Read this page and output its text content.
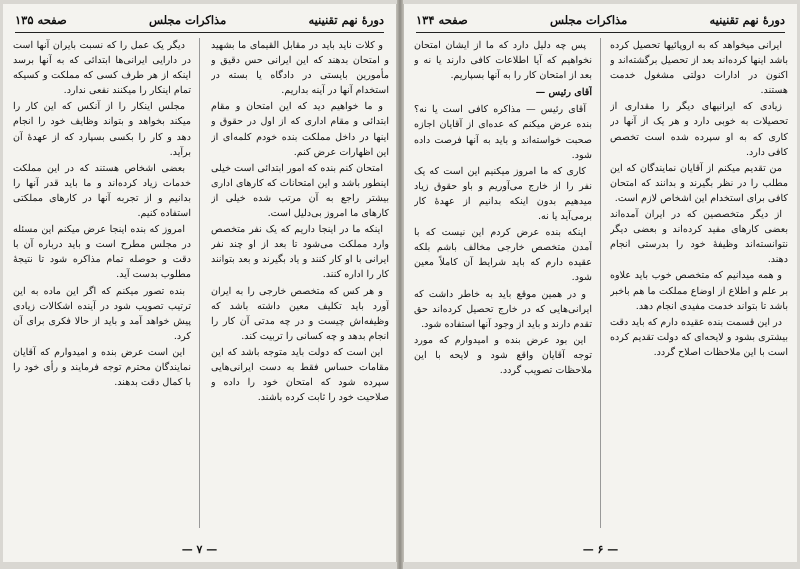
دورهٔ نهم تقنینیه
مذاکرات مجلس
صفحه ۱۳۵

و کلات ناید باید در مقابل القیمای ما بشهید و امتحان بدهند که این ایرانی حس دقیق و مأمورین بایستی در دادگاه یا بسته در استخدام آنها در آینه بداریم.

و ما خواهیم دید که این امتحان و مقام ابتدائی و مقام اداری که از اول در حقوق و اینها در داخل مملکت بنده خودم کلمه‌ای از این اظهارات عرض کنم.

امتحان کنم بنده که امور ابتدائی است خیلی اینطور باشد و این امتحانات که کارهای اداری بیشتر راجع به آن مرتب شده خیلی از کارهای ما امروز بی‌دلیل است.

اینکه ما در اینجا داریم که یک نفر متخصص وارد مملکت می‌شود تا بعد از او چند نفر ایرانی با او کار کنند و یاد بگیرند و بعد بتوانند کار را اداره کنند.

و هر کس که متخصص خارجی را به ایران آورد باید تکلیف معین داشته باشد که وظیفه‌اش چیست و در چه مدتی آن کار را انجام بدهد و چه کسانی را تربیت کند.

این است که دولت باید متوجه باشد که این مقامات حساس فقط به دست ایرانی‌هایی سپرده شود که امتحان خود را داده و صلاحیت خود را ثابت کرده باشند.

دیگر یک عمل را که نسبت بایران آنها است در دارایی ایرانی‌ها ابتدائی که به آنها برسد اینکه از هر طرف کسی که مملکت و کسیکه تمام اینکار را میکنند نفعی ندارد.

مجلس اینکار را از آنکس که این کار را میکند بخواهد و بتواند وظایف خود را انجام دهد و کار را بکسی بسپارد که از عهدهٔ آن برآید.

بعضی اشخاص هستند که در این مملکت خدمات زیاد کرده‌اند و ما باید قدر آنها را بدانیم و از تجربه آنها در کارهای مملکتی استفاده کنیم.

امروز که بنده اینجا عرض میکنم این مسئله در مجلس مطرح است و باید درباره آن با دقت و حوصله تمام مذاکره شود تا نتیجهٔ مطلوب بدست آید.

بنده تصور میکنم که اگر این ماده به این ترتیب تصویب شود در آینده اشکالات زیادی پیش خواهد آمد و باید از حالا فکری برای آن کرد.

این است عرض بنده و امیدوارم که آقایان نمایندگان محترم توجه فرمایند و رأی خود را با کمال دقت بدهند.

— ۷ —
دورهٔ نهم تقنینیه
مذاکرات مجلس
صفحه ۱۳۴

ایرانی میخواهد که به اروپائیها تحصیل کرده باشد اینها کرده‌اند بعد از تحصیل برگشته‌اند و اکنون در ادارات دولتی مشغول خدمت هستند.

زیادی که ایرانیهای دیگر را مقداری از تحصیلات به خوبی دارد و هر یک از آنها در کاری که به او سپرده شده است تخصص کافی دارد.

من تقدیم میکنم از آقایان نمایندگان که این مطلب را در نظر بگیرند و بدانند که امتحان کافی برای استخدام این اشخاص لازم است.

از دیگر متخصصین که در ایران آمده‌اند بعضی کارهای مفید کرده‌اند و بعضی دیگر نتوانسته‌اند وظیفهٔ خود را بدرستی انجام دهند.

و همه میدانیم که متخصص خوب باید علاوه بر علم و اطلاع از اوضاع مملکت ما هم باخبر باشد تا بتواند خدمت مفیدی انجام دهد.

در این قسمت بنده عقیده دارم که باید دقت بیشتری بشود و لایحه‌ای که دولت تقدیم کرده است با این ملاحظات اصلاح گردد.

پس چه دلیل دارد که ما از ایشان امتحان نخواهیم که آیا اطلاعات کافی دارند یا نه و بعد از امتحان کار را به آنها بسپاریم.

آقای رئیس —

آقای رئیس — مذاکره کافی است یا نه؟ بنده عرض میکنم که عده‌ای از آقایان اجازه صحبت خواسته‌اند و باید به آنها فرصت داده شود.

کاری که ما امروز میکنیم این است که یک نفر را از خارج می‌آوریم و باو حقوق زیاد میدهیم بدون اینکه بدانیم از عهدهٔ کار برمی‌آید یا نه.

اینکه بنده عرض کردم این نیست که با آمدن متخصص خارجی مخالف باشم بلکه عقیده دارم که باید شرایط آن کاملاً معین شود.

و در همین موقع باید به خاطر داشت که ایرانی‌هایی که در خارج تحصیل کرده‌اند حق تقدم دارند و باید از وجود آنها استفاده شود.

این بود عرض بنده و امیدوارم که مورد توجه آقایان واقع شود و لایحه با این ملاحظات تصویب گردد.

— ۶ —
